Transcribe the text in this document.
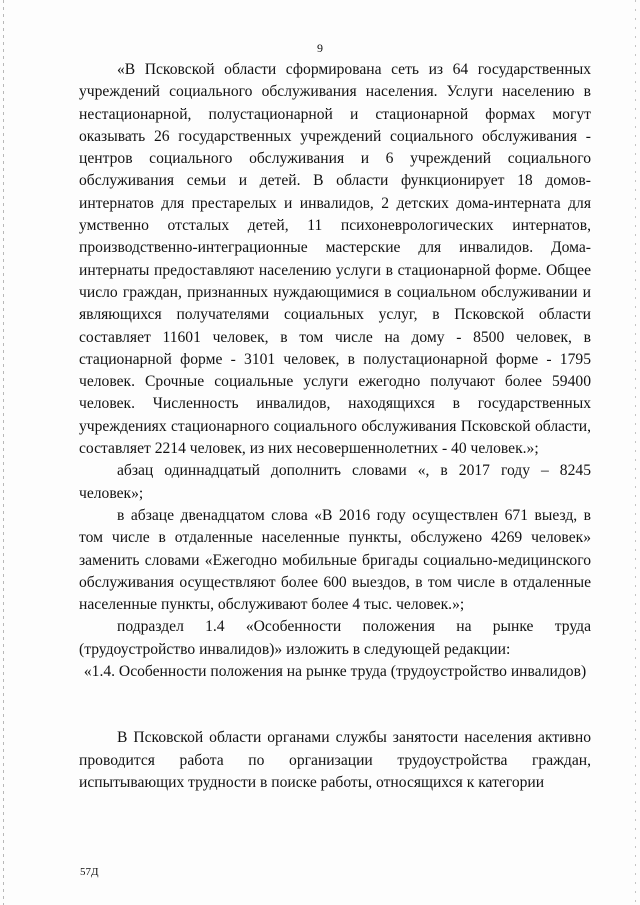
9

«В Псковской области сформирована сеть из 64 государственных учреждений социального обслуживания населения. Услуги населению в нестационарной, полустационарной и стационарной формах могут оказывать 26 государственных учреждений социального обслуживания - центров социального обслуживания и 6 учреждений социального обслуживания семьи и детей. В области функционирует 18 домов-интернатов для престарелых и инвалидов, 2 детских дома-интерната для умственно отсталых детей, 11 психоневрологических интернатов, производственно-интеграционные мастерские для инвалидов. Дома-интернаты предоставляют населению услуги в стационарной форме. Общее число граждан, признанных нуждающимися в социальном обслуживании и являющихся получателями социальных услуг, в Псковской области составляет 11601 человек, в том числе на дому - 8500 человек, в стационарной форме - 3101 человек, в полустационарной форме - 1795 человек. Срочные социальные услуги ежегодно получают более 59400 человек. Численность инвалидов, находящихся в государственных учреждениях стационарного социального обслуживания Псковской области, составляет 2214 человек, из них несовершеннолетних - 40 человек.»;

абзац одиннадцатый дополнить словами «, в 2017 году – 8245 человек»;

в абзаце двенадцатом слова «В 2016 году осуществлен 671 выезд, в том числе в отдаленные населенные пункты, обслужено 4269 человек» заменить словами «Ежегодно мобильные бригады социально-медицинского обслуживания осуществляют более 600 выездов, в том числе в отдаленные населенные пункты, обслуживают более 4 тыс. человек.»;

подраздел 1.4 «Особенности положения на рынке труда (трудоустройство инвалидов)» изложить в следующей редакции:

«1.4. Особенности положения на рынке труда (трудоустройство инвалидов)

В Псковской области органами службы занятости населения активно проводится работа по организации трудоустройства граждан, испытывающих трудности в поиске работы, относящихся к категории

57Д
